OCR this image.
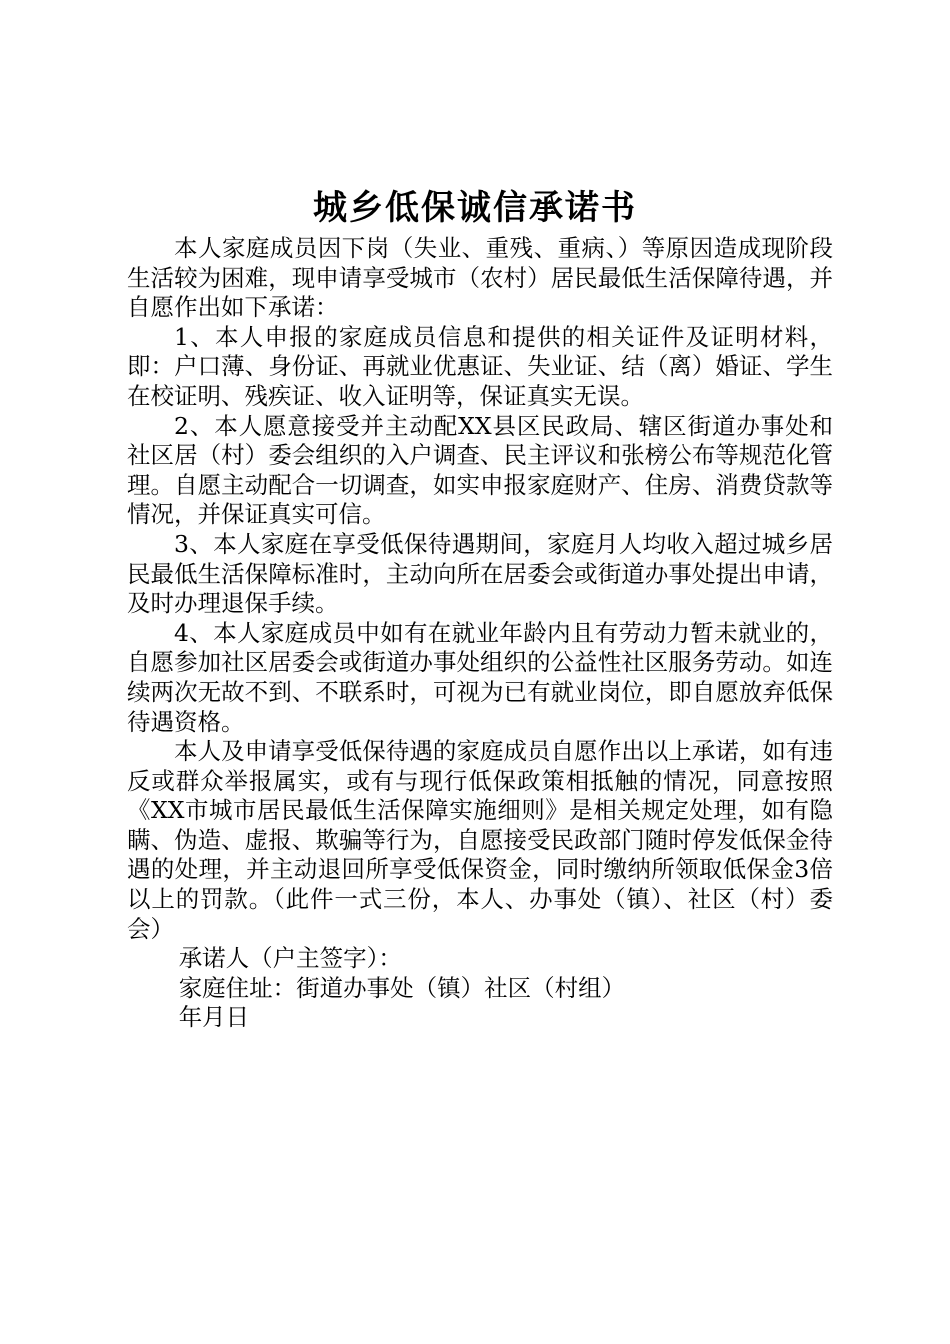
城乡低保诚信承诺书

本人家庭成员因下岗（失业、重残、重病、）等原因造成现阶段生活较为困难，现申请享受城市（农村）居民最低生活保障待遇，并自愿作出如下承诺：

1、本人申报的家庭成员信息和提供的相关证件及证明材料，即：户口薄、身份证、再就业优惠证、失业证、结（离）婚证、学生在校证明、残疾证、收入证明等，保证真实无误。

2、本人愿意接受并主动配XX县区民政局、辖区街道办事处和社区居（村）委会组织的入户调查、民主评议和张榜公布等规范化管理。自愿主动配合一切调查，如实申报家庭财产、住房、消费贷款等情况，并保证真实可信。

3、本人家庭在享受低保待遇期间，家庭月人均收入超过城乡居民最低生活保障标准时，主动向所在居委会或街道办事处提出申请，及时办理退保手续。

4、本人家庭成员中如有在就业年龄内且有劳动力暂未就业的，自愿参加社区居委会或街道办事处组织的公益性社区服务劳动。如连续两次无故不到、不联系时，可视为已有就业岗位，即自愿放弃低保待遇资格。

本人及申请享受低保待遇的家庭成员自愿作出以上承诺，如有违反或群众举报属实，或有与现行低保政策相抵触的情况，同意按照《XX市城市居民最低生活保障实施细则》是相关规定处理，如有隐瞒、伪造、虚报、欺骗等行为，自愿接受民政部门随时停发低保金待遇的处理，并主动退回所享受低保资金，同时缴纳所领取低保金3倍以上的罚款。（此件一式三份，本人、办事处（镇）、社区（村）委会）

承诺人（户主签字）：

家庭住址：街道办事处（镇）社区（村组）

年月日
